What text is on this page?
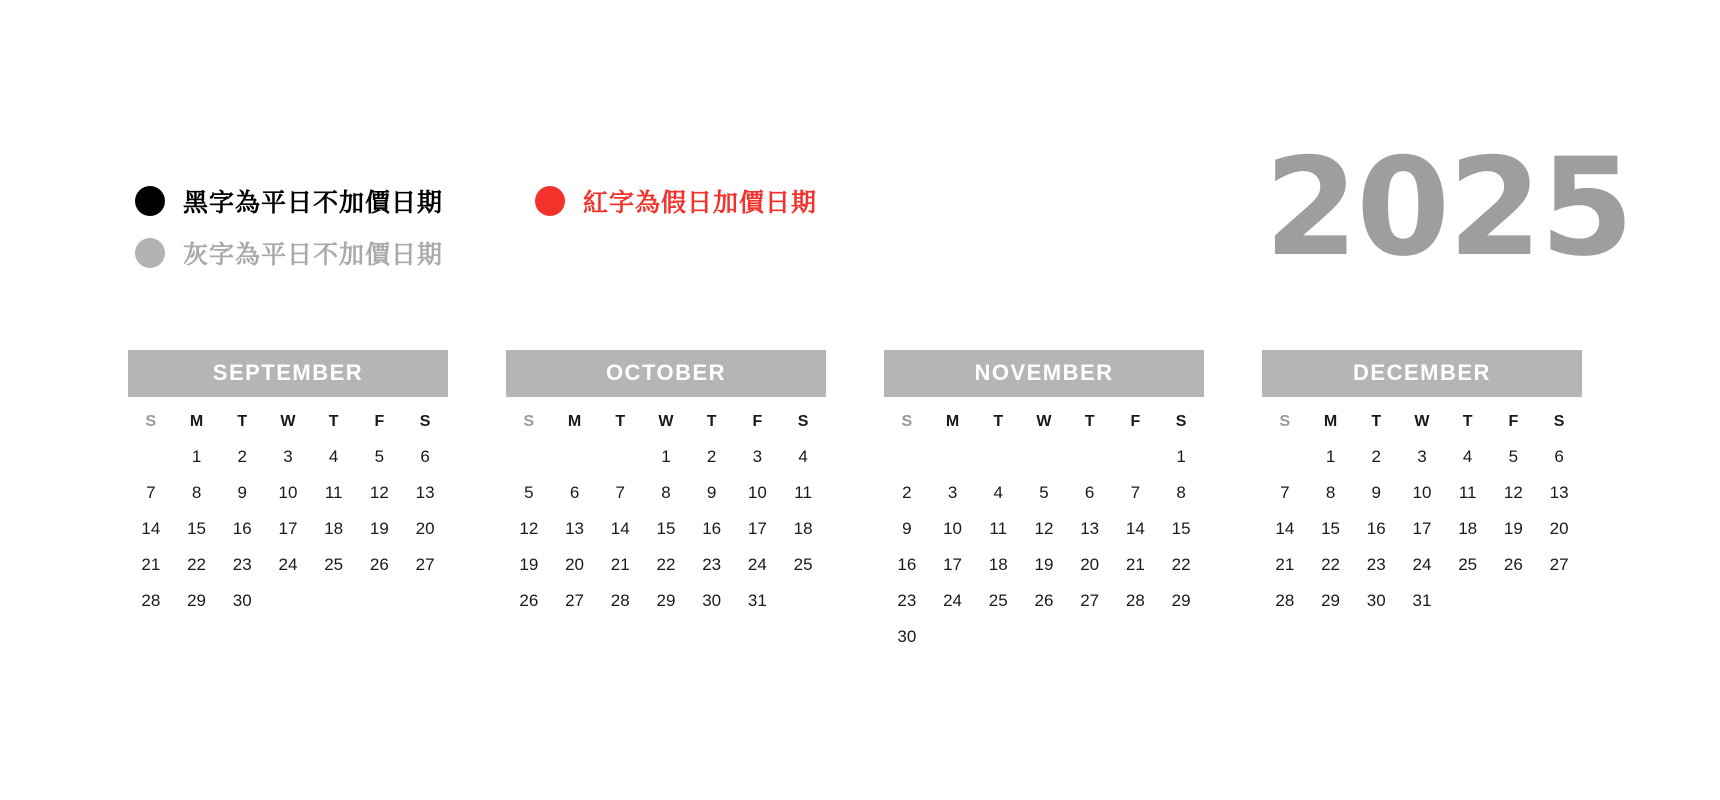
黑字為平日不加價日期	紅字為假日加價日期
灰字為平日不加價日期	2025
SEPTEMBER
S	M	T	W	T	F	S
	1	2	3	4	5	6
7	8	9	10	11	12	13
14	15	16	17	18	19	20
21	22	23	24	25	26	27
28	29	30				
OCTOBER
S	M	T	W	T	F	S
			1	2	3	4
5	6	7	8	9	10	11
12	13	14	15	16	17	18
19	20	21	22	23	24	25
26	27	28	29	30	31	
NOVEMBER
S	M	T	W	T	F	S
						1
2	3	4	5	6	7	8
9	10	11	12	13	14	15
16	17	18	19	20	21	22
23	24	25	26	27	28	29
30						
DECEMBER
S	M	T	W	T	F	S
	1	2	3	4	5	6
7	8	9	10	11	12	13
14	15	16	17	18	19	20
21	22	23	24	25	26	27
28	29	30	31			
